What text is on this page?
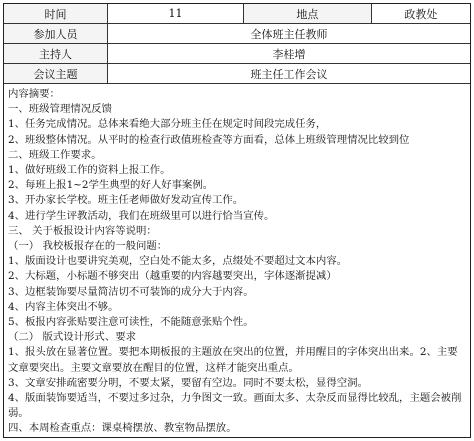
时间	11	地点	政教处
参加人员	全体班主任教师		
主持人	李桂增		
会议主题	班主任工作会议		
内容摘要：
一、班级管理情况反馈
1、任务完成情况。总体来看绝大部分班主任在规定时间段完成任务，
2、班级整体情况。从平时的检查行政值班检查等方面看，总体上班级管理情况比较到位
二、班级工作要求。
1、做好班级工作的资料上报工作。
2、每班上报1~2学生典型的好人好事案例。
3、开办家长学校。班主任老师做好发动宣传工作。
4、进行学生评教活动，我们在班级里可以进行恰当宣传。
三、 关于板报设计内容等说明：
（一） 我校板报存在的一般问题：
1、版面设计也要讲究美观，空白处不能太多，点缀处不要超过文本内容。
2、大标题，小标题不够突出（越重要的内容越要突出，字体逐渐提减）
3、边框装饰要尽量简洁切不可装饰的成分大于内容。
4、内容主体突出不够。
5、板报内容张贴要注意可读性，不能随意张贴个性。
（二） 版式设计形式、要求
1、报头放在显著位置。要把本期板报的主题放在突出的位置，并用醒目的字体突出出来。2、主要文章要突出。主要文章要放在醒目的位置，这样才能突出重点。
3、文章安排疏密要分明，不要太紧，要留有空边。同时不要太松，显得空洞。
4、版面装饰要适当，不要过多过杂，力争图文一致。画面太多、太杂反而显得比较乱，主题会被削弱。
四、本周检查重点：课桌椅摆放、教室物品摆放。
